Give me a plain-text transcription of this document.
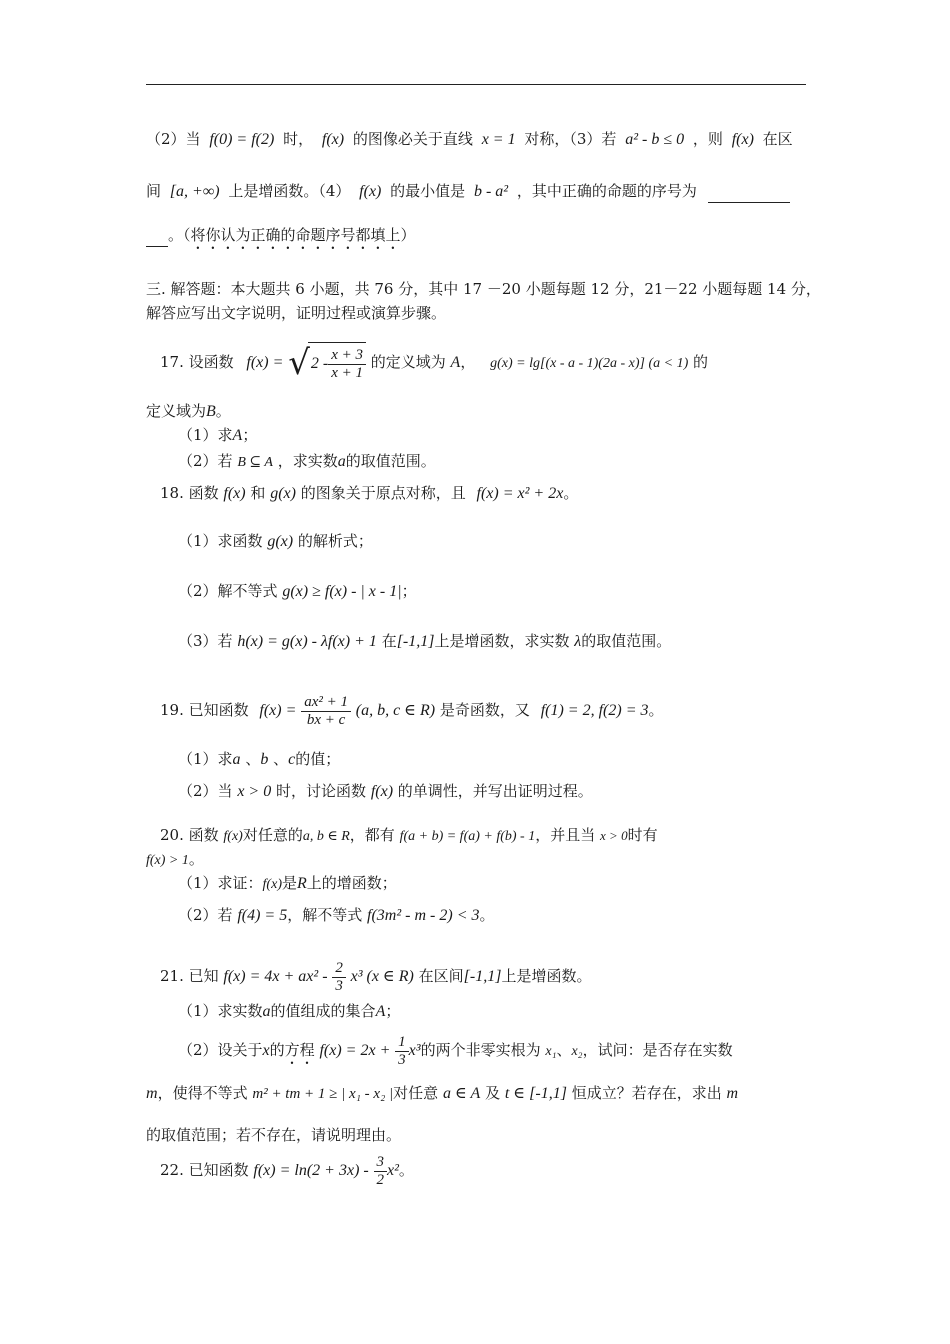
（2）当 f(0) = f(2) 时， f(x) 的图像必关于直线 x = 1 对称，（3）若 a² - b ≤ 0 ，则 f(x) 在区
间 [a, +∞) 上是增函数。（4） f(x) 的最小值是 b - a² ，其中正确的命题的序号为
。（将你认为正确的命题序号都填上）
三. 解答题：本大题共 6 小题，共 76 分，其中 17 －20 小题每题 12 分，21－22 小题每题 14 分，
解答应写出文字说明，证明过程或演算步骤。
17. 设函数 $f(x) = √2 - \frac{x + 3}{x + 1}$ 的定义域为 A， g(x) = lg[(x - a - 1)(2a - x)] (a < 1) 的
定义域为B。
（1）求A；
（2）若 B ⊆ A ，求实数a的取值范围。
18. 函数 f(x) 和 g(x) 的图象关于原点对称，且 f(x) = x² + 2x。
（1）求函数 g(x) 的解析式；
（2）解不等式 g(x) ≥ f(x) - | x - 1|；
（3）若 h(x) = g(x) - λf(x) + 1 在[-1,1]上是增函数，求实数 λ的取值范围。
19. 已知函数 $f(x) = \frac{\text{ax² + 1}}{bx + c} (a$, b, c ∈ R) 是奇函数，又 f(1) = 2, f(2) = 3。
（1）求a 、b 、c的值；
（2）当 x > 0 时，讨论函数 f(x) 的单调性，并写出证明过程。
20. 函数 f(x)对任意的a, b ∈ R，都有 f(a + b) = f(a) + f(b) - 1，并且当 x > 0时有
f(x) > 1。
（1）求证：f(x)是R上的增函数；
（2）若 f(4) = 5，解不等式 f(3m² - m - 2) < 3。
21. 已知 $f(x) = 4x + ax^2 - \frac{2}{3} x^3$ (x ∈ R) 在区间[-1,1]上是增函数。
（1）求实数a的值组成的集合A；
（2）设关于x的方程 $f(x) = 2x + \frac{1}{3} x^3$的两个非零实根为 x₁、x₂，试问：是否存在实数
m，使得不等式 m² + tm + 1 ≥ | x₁ - x₂ |对任意 a ∈ A 及 t ∈ [-1,1] 恒成立？若存在，求出 m
的取值范围；若不存在，请说明理由。
22. 已知函数 $f(x) = \ln(2 + 3x) - \frac{3}{2} x^2$。
